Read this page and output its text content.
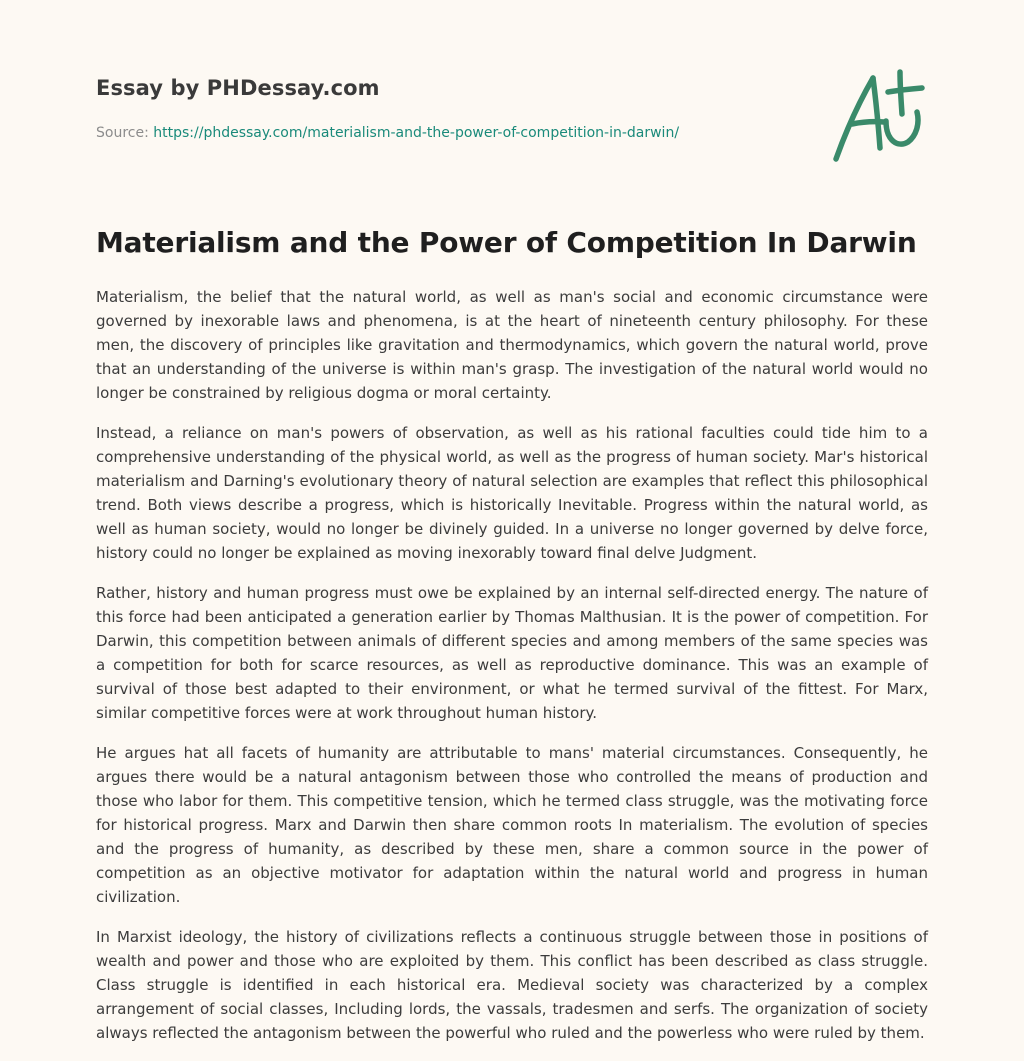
Essay by PHDessay.com
Source: https://phdessay.com/materialism-and-the-power-of-competition-in-darwin/
Materialism and the Power of Competition In Darwin

Materialism, the belief that the natural world, as well as man's social and economic circumstance were governed by inexorable laws and phenomena, is at the heart of nineteenth century philosophy. For these men, the discovery of principles like gravitation and thermodynamics, which govern the natural world, prove that an understanding of the universe is within man's grasp. The investigation of the natural world would no longer be constrained by religious dogma or moral certainty.

Instead, a reliance on man's powers of observation, as well as his rational faculties could tide him to a comprehensive understanding of the physical world, as well as the progress of human society. Mar's historical materialism and Darning's evolutionary theory of natural selection are examples that reflect this philosophical trend. Both views describe a progress, which is historically Inevitable. Progress within the natural world, as well as human society, would no longer be divinely guided. In a universe no longer governed by delve force, history could no longer be explained as moving inexorably toward final delve Judgment.

Rather, history and human progress must owe be explained by an internal self-directed energy. The nature of this force had been anticipated a generation earlier by Thomas Malthusian. It is the power of competition. For Darwin, this competition between animals of different species and among members of the same species was a competition for both for scarce resources, as well as reproductive dominance. This was an example of survival of those best adapted to their environment, or what he termed survival of the fittest. For Marx, similar competitive forces were at work throughout human history.

He argues hat all facets of humanity are attributable to mans' material circumstances. Consequently, he argues there would be a natural antagonism between those who controlled the means of production and those who labor for them. This competitive tension, which he termed class struggle, was the motivating force for historical progress. Marx and Darwin then share common roots In materialism. The evolution of species and the progress of humanity, as described by these men, share a common source in the power of competition as an objective motivator for adaptation within the natural world and progress in human civilization.

In Marxist ideology, the history of civilizations reflects a continuous struggle between those in positions of wealth and power and those who are exploited by them. This conflict has been described as class struggle. Class struggle is identified in each historical era. Medieval society was characterized by a complex arrangement of social classes, Including lords, the vassals, tradesmen and serfs. The organization of society always reflected the antagonism between the powerful who ruled and the powerless who were ruled by them.
